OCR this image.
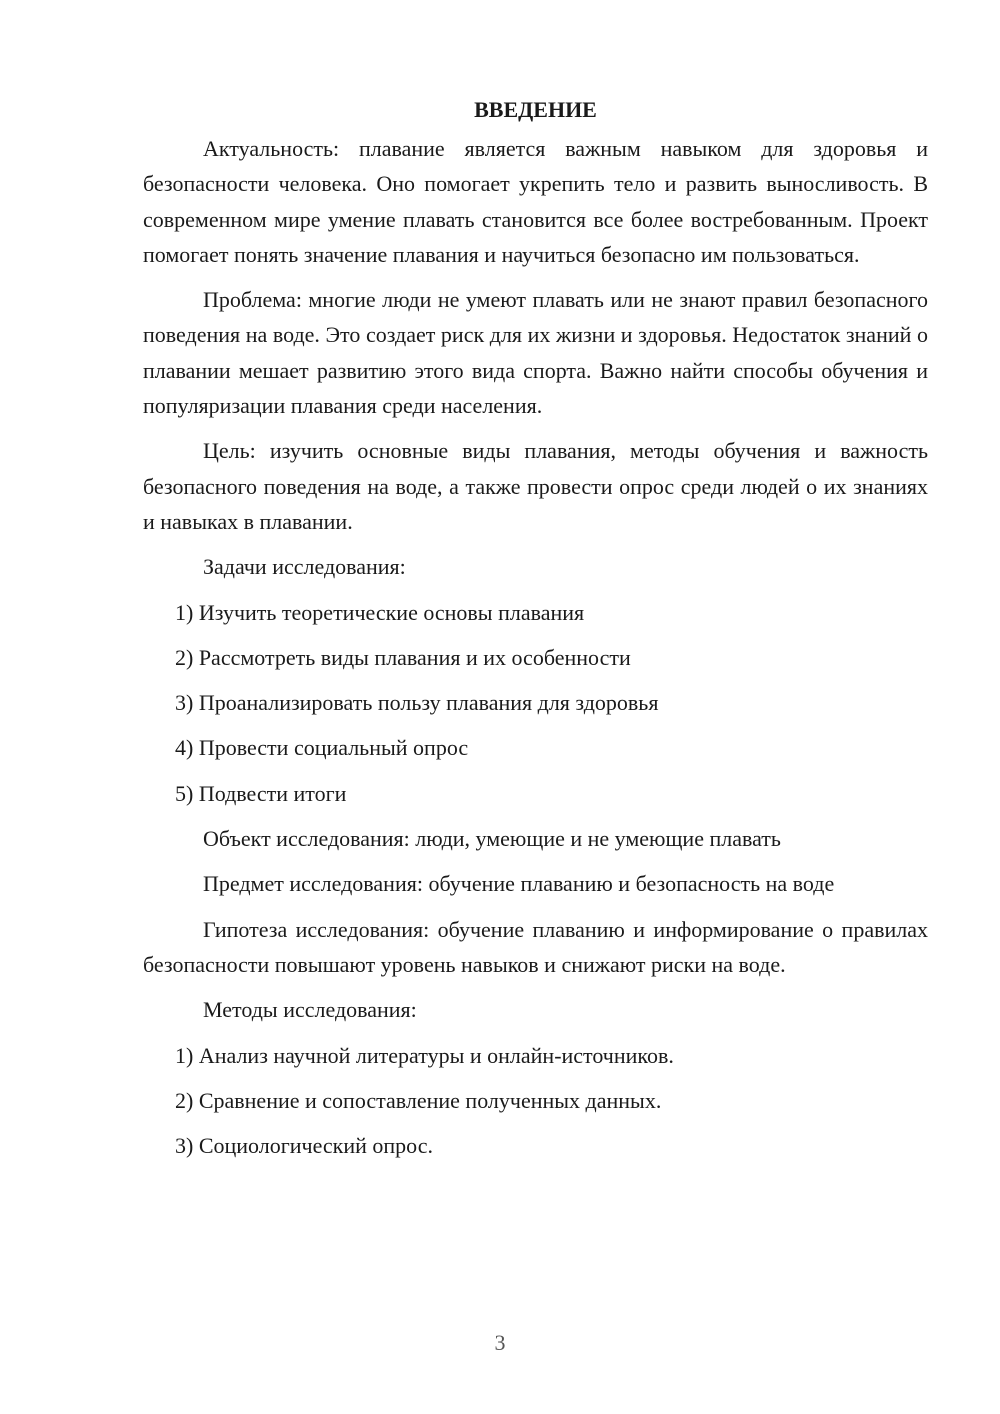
ВВЕДЕНИЕ

Актуальность: плавание является важным навыком для здоровья и безопасности человека. Оно помогает укрепить тело и развить выносливость. В современном мире умение плавать становится все более востребованным. Проект помогает понять значение плавания и научиться безопасно им пользоваться.

Проблема: многие люди не умеют плавать или не знают правил безопасного поведения на воде. Это создает риск для их жизни и здоровья. Недостаток знаний о плавании мешает развитию этого вида спорта. Важно найти способы обучения и популяризации плавания среди населения.

Цель: изучить основные виды плавания, методы обучения и важность безопасного поведения на воде, а также провести опрос среди людей о их знаниях и навыках в плавании.

Задачи исследования:
1) Изучить теоретические основы плавания
2) Рассмотреть виды плавания и их особенности
3) Проанализировать пользу плавания для здоровья
4) Провести социальный опрос
5) Подвести итоги
Объект исследования: люди, умеющие и не умеющие плавать
Предмет исследования: обучение плаванию и безопасность на воде

Гипотеза исследования: обучение плаванию и информирование о правилах безопасности повышают уровень навыков и снижают риски на воде.

Методы исследования:
1) Анализ научной литературы и онлайн-источников.
2) Сравнение и сопоставление полученных данных.
3) Социологический опрос.
3
